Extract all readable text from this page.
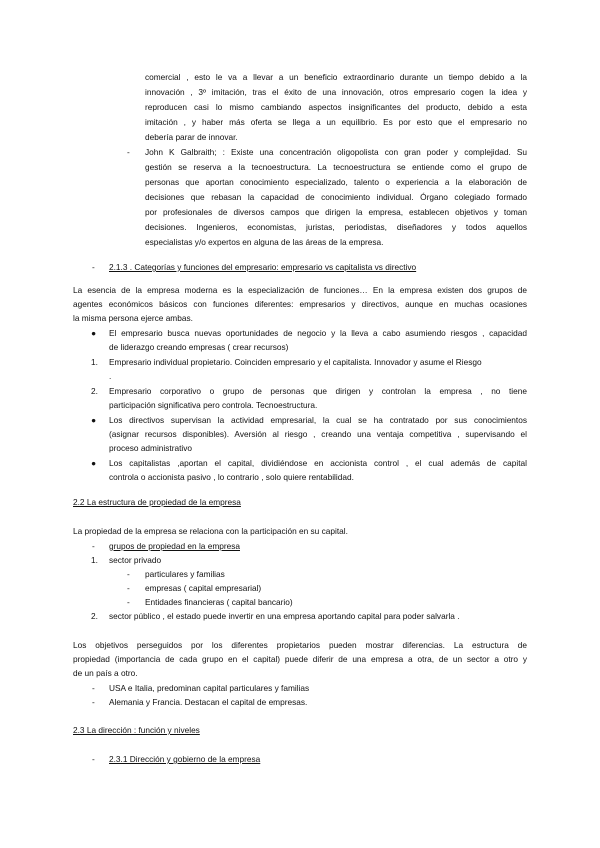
comercial , esto le va a llevar a un beneficio extraordinario durante un tiempo debido a la
innovación , 3º imitación, tras el éxito de una innovación, otros empresario cogen la idea y
reproducen casi lo mismo cambiando aspectos insignificantes del producto, debido a esta
imitación , y haber más oferta se llega a un equilibrio. Es por esto que el empresario no
debería parar de innovar.
- John K Galbraith; : Existe una concentración oligopolista con gran poder y complejidad. Su
gestión se reserva a la tecnoestructura. La tecnoestructura se entiende como el grupo de
personas que aportan conocimiento especializado, talento o experiencia a la elaboración de
decisiones que rebasan la capacidad de conocimiento individual. Órgano colegiado formado
por profesionales de diversos campos que dirigen la empresa, establecen objetivos y toman
decisiones. Ingenieros, economistas, juristas, periodistas, diseñadores y todos aquellos
especialistas y/o expertos en alguna de las áreas de la empresa.
- 2.1.3 . Categorías y funciones del empresario: empresario vs capitalista vs directivo
La esencia de la empresa moderna es la especialización de funciones… En la empresa existen dos grupos de
agentes económicos básicos con funciones diferentes: empresarios y directivos, aunque en muchas ocasiones
la misma persona ejerce ambas.
● El empresario busca nuevas oportunidades de negocio y la lleva a cabo asumiendo riesgos , capacidad
de liderazgo creando empresas ( crear recursos)
1. Empresario individual propietario. Coinciden empresario y el capitalista. Innovador y asume el Riesgo
.
2. Empresario corporativo o grupo de personas que dirigen y controlan la empresa , no tiene
participación significativa pero controla. Tecnoestructura.
● Los directivos supervisan la actividad empresarial, la cual se ha contratado por sus conocimientos
(asignar recursos disponibles). Aversión al riesgo , creando una ventaja competitiva , supervisando el
proceso administrativo
● Los capitalistas ,aportan el capital, dividiéndose en accionista control , el cual además de capital
controla o accionista pasivo , lo contrario , solo quiere rentabilidad.
2.2 La estructura de propiedad de la empresa
La propiedad de la empresa se relaciona con la participación en su capital.
- grupos de propiedad en la empresa
1. sector privado
- particulares y familias
- empresas ( capital empresarial)
- Entidades financieras ( capital bancario)
2. sector público , el estado puede invertir en una empresa aportando capital para poder salvarla .
Los objetivos perseguidos por los diferentes propietarios pueden mostrar diferencias. La estructura de
propiedad (importancia de cada grupo en el capital) puede diferir de una empresa a otra, de un sector a otro y
de un país a otro.
- USA e Italia, predominan capital particulares y familias
- Alemania y Francia. Destacan el capital de empresas.
2.3 La dirección : función y niveles
- 2.3.1 Dirección y gobierno de la empresa
